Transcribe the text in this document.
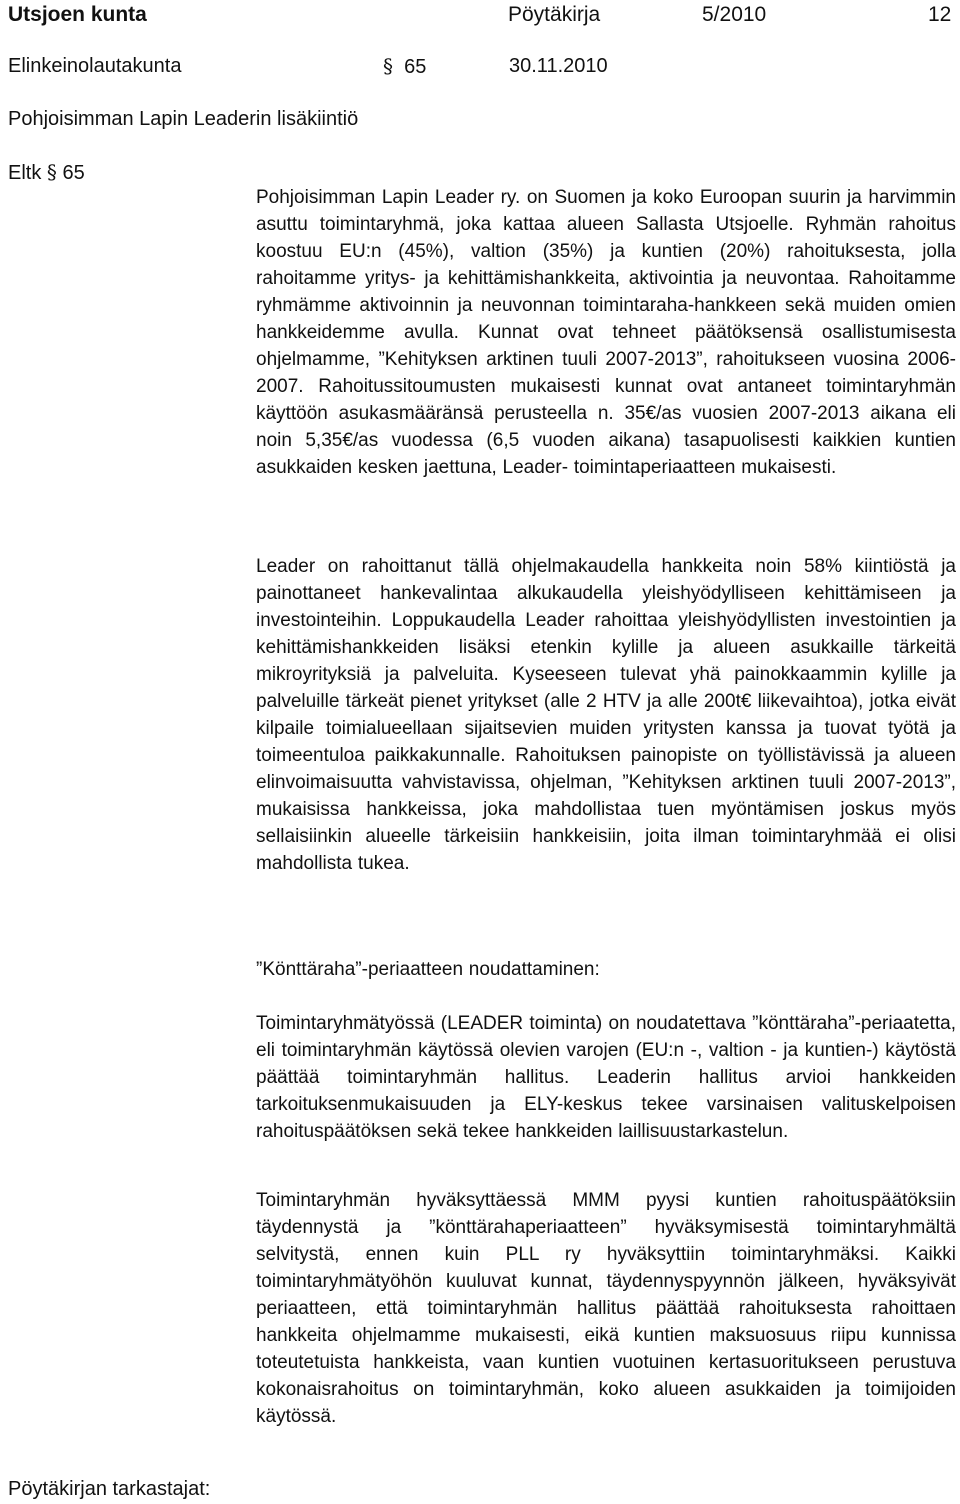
Utsjoen kunta	Pöytäkirja	5/2010	12
Elinkeinolautakunta	§ 65	30.11.2010
Pohjoisimman Lapin Leaderin lisäkiintiö
Eltk § 65

Pohjoisimman Lapin Leader ry. on Suomen ja koko Euroopan suurin ja harvimmin asuttu toimintaryhmä, joka kattaa alueen Sallasta Utsjoelle. Ryhmän rahoitus koostuu EU:n (45%), valtion (35%) ja kuntien (20%) rahoituksesta, jolla rahoitamme yritys- ja kehittämishankkeita, aktivointia ja neuvontaa. Rahoitamme ryhmämme aktivoinnin ja neuvonnan toimintaraha-hankkeen sekä muiden omien hankkeidemme avulla. Kunnat ovat tehneet päätöksensä osallistumisesta ohjelmamme, ”Kehityksen arktinen tuuli 2007-2013”, rahoitukseen vuosina 2006-2007. Rahoitussitoumusten mukaisesti kunnat ovat antaneet toimintaryhmän käyttöön asukasmääränsä perusteella n. 35€/as vuosien 2007-2013 aikana eli noin 5,35€/as vuodessa (6,5 vuoden aikana) tasapuolisesti kaikkien kuntien asukkaiden kesken jaettuna, Leader- toimintaperiaatteen mukaisesti.

Leader on rahoittanut tällä ohjelmakaudella hankkeita noin 58% kiintiöstä ja painottaneet hankevalintaa alkukaudella yleishyödylliseen kehittämiseen ja investointeihin. Loppukaudella Leader rahoittaa yleishyödyllisten investointien ja kehittämishankkeiden lisäksi etenkin kylille ja alueen asukkaille tärkeitä mikroyrityksiä ja palveluita. Kyseeseen tulevat yhä painokkaammin kylille ja palveluille tärkeät pienet yritykset (alle 2 HTV ja alle 200t€ liikevaihtoa), jotka eivät kilpaile toimialueellaan sijaitsevien muiden yritysten kanssa ja tuovat työtä ja toimeentuloa paikkakunnalle. Rahoituksen painopiste on työllistävissä ja alueen elinvoimaisuutta vahvistavissa, ohjelman, ”Kehityksen arktinen tuuli 2007-2013”, mukaisissa hankkeissa, joka mahdollistaa tuen myöntämisen joskus myös sellaisiinkin alueelle tärkeisiin hankkeisiin, joita ilman toimintaryhmää ei olisi mahdollista tukea.

”Könttäraha”-periaatteen noudattaminen:

Toimintaryhmätyössä (LEADER toiminta) on noudatettava ”könttäraha”-periaatetta, eli toimintaryhmän käytössä olevien varojen (EU:n -, valtion - ja kuntien-) käytöstä päättää toimintaryhmän hallitus. Leaderin hallitus arvioi hankkeiden tarkoituksenmukaisuuden ja ELY-keskus tekee varsinaisen valituskelpoisen rahoituspäätöksen sekä tekee hankkeiden laillisuustarkastelun.

Toimintaryhmän hyväksyttäessä MMM pyysi kuntien rahoituspäätöksiin täydennystä ja ”könttärahaperiaatteen” hyväksymisestä toimintaryhmältä selvitystä, ennen kuin PLL ry hyväksyttiin toimintaryhmäksi. Kaikki toimintaryhmätyöhön kuuluvat kunnat, täydennyspyynnön jälkeen, hyväksyivät periaatteen, että toimintaryhmän hallitus päättää rahoituksesta rahoittaen hankkeita ohjelmamme mukaisesti, eikä kuntien maksuosuus riipu kunnissa toteutetuista hankkeista, vaan kuntien vuotuinen kertasuoritukseen perustuva kokonaisrahoitus on toimintaryhmän, koko alueen asukkaiden ja toimijoiden käytössä.

Pöytäkirjan tarkastajat:
